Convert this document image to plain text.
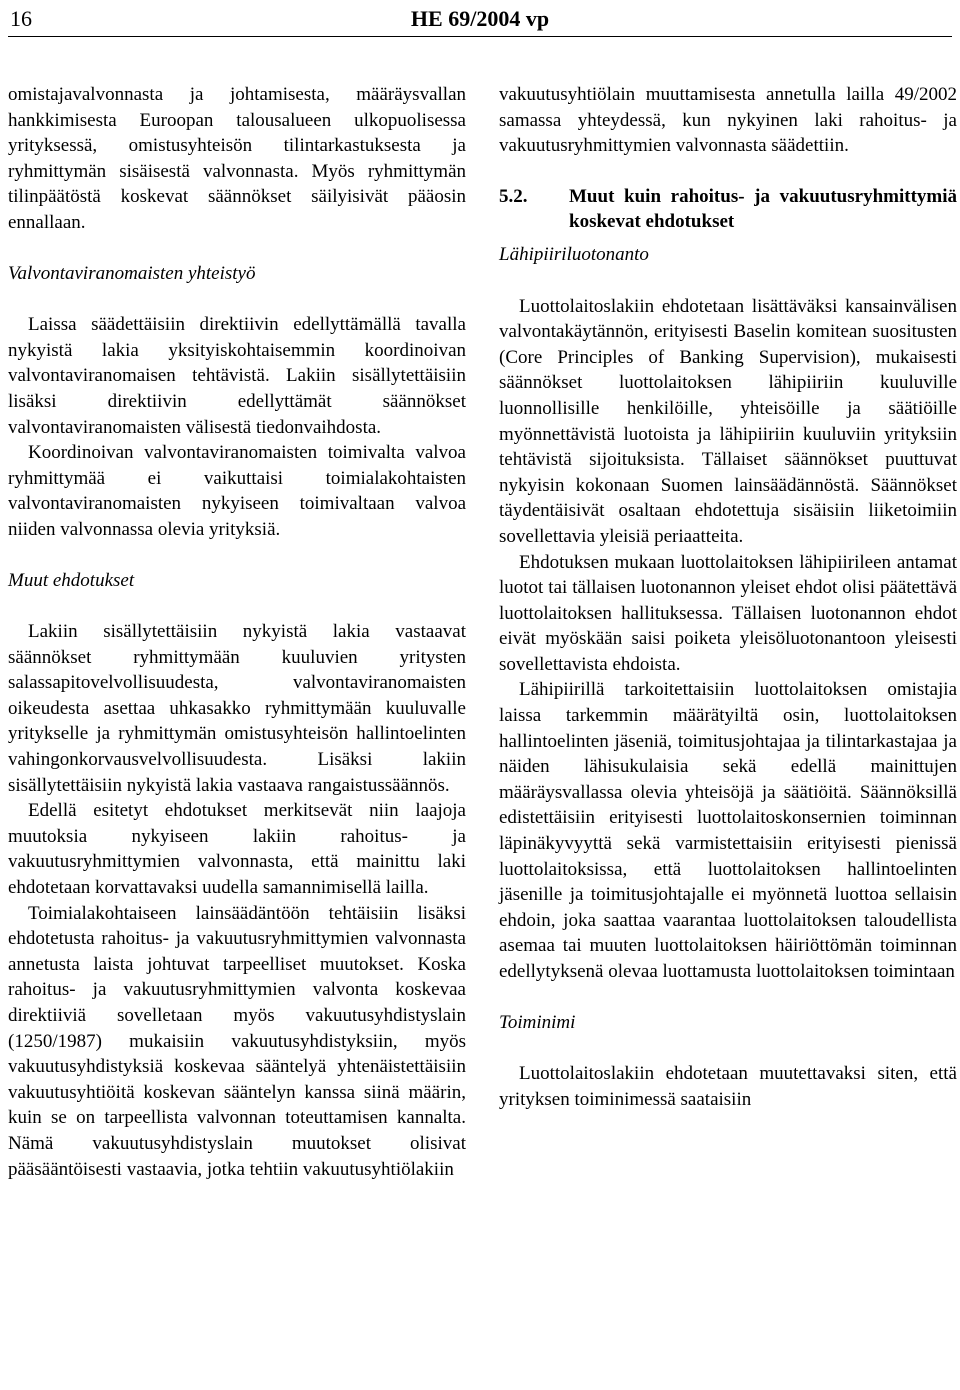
16	HE 69/2004 vp

omistajavalvonnasta ja johtamisesta, määräysvallan hankkimisesta Euroopan talousalueen ulkopuolisessa yrityksessä, omistusyhteisön tilintarkastuksesta ja ryhmittymän sisäisestä valvonnasta. Myös ryhmittymän tilinpäätöstä koskevat säännökset säilyisivät pääosin ennallaan.

Valvontaviranomaisten yhteistyö

Laissa säädettäisiin direktiivin edellyttämällä tavalla nykyistä lakia yksityiskohtaisemmin koordinoivan valvontaviranomaisen tehtävistä. Lakiin sisällytettäisiin lisäksi direktiivin edellyttämät säännökset valvontaviranomaisten välisestä tiedonvaihdosta.

Koordinoivan valvontaviranomaisten toimivalta valvoa ryhmittymää ei vaikuttaisi toimialakohtaisten valvontaviranomaisten nykyiseen toimivaltaan valvoa niiden valvonnassa olevia yrityksiä.

Muut ehdotukset

Lakiin sisällytettäisiin nykyistä lakia vastaavat säännökset ryhmittymään kuuluvien yritysten salassapitovelvollisuudesta, valvontaviranomaisten oikeudesta asettaa uhkasakko ryhmittymään kuuluvalle yritykselle ja ryhmittymän omistusyhteisön hallintoelinten vahingonkorvausvelvollisuudesta. Lisäksi lakiin sisällytettäisiin nykyistä lakia vastaava rangaistussäännös.

Edellä esitetyt ehdotukset merkitsevät niin laajoja muutoksia nykyiseen lakiin rahoitus- ja vakuutusryhmittymien valvonnasta, että mainittu laki ehdotetaan korvattavaksi uudella samannimisellä lailla.

Toimialakohtaiseen lainsäädäntöön tehtäisiin lisäksi ehdotetusta rahoitus- ja vakuutusryhmittymien valvonnasta annetusta laista johtuvat tarpeelliset muutokset. Koska rahoitus- ja vakuutusryhmittymien valvonta koskevaa direktiiviä sovelletaan myös vakuutusyhdistyslain (1250/1987) mukaisiin vakuutusyhdistyksiin, myös vakuutusyhdistyksiä koskevaa sääntelyä yhtenäistettäisiin vakuutusyhtiöitä koskevan sääntelyn kanssa siinä määrin, kuin se on tarpeellista valvonnan toteuttamisen kannalta. Nämä vakuutusyhdistyslain muutokset olisivat pääsääntöisesti vastaavia, jotka tehtiin vakuutusyhtiölakiin

vakuutusyhtiölain muuttamisesta annetulla lailla 49/2002 samassa yhteydessä, kun nykyinen laki rahoitus- ja vakuutusryhmittymien valvonnasta säädettiin.

5.2.	Muut kuin rahoitus- ja vakuutusryhmittymiä koskevat ehdotukset
Lähipiiriluotonanto

Luottolaitoslakiin ehdotetaan lisättäväksi kansainvälisen valvontakäytännön, erityisesti Baselin komitean suositusten (Core Principles of Banking Supervision), mukaisesti säännökset luottolaitoksen lähipiiriin kuuluville luonnollisille henkilöille, yhteisöille ja säätiöille myönnettävistä luotoista ja lähipiiriin kuuluviin yrityksiin tehtävistä sijoituksista. Tällaiset säännökset puuttuvat nykyisin kokonaan Suomen lainsäädännöstä. Säännökset täydentäisivät osaltaan ehdotettuja sisäisiin liiketoimiin sovellettavia yleisiä periaatteita.

Ehdotuksen mukaan luottolaitoksen lähipiirileen antamat luotot tai tällaisen luotonannon yleiset ehdot olisi päätettävä luottolaitoksen hallituksessa. Tällaisen luotonannon ehdot eivät myöskään saisi poiketa yleisöluotonantoon yleisesti sovellettavista ehdoista.

Lähipiirillä tarkoitettaisiin luottolaitoksen omistajia laissa tarkemmin määrätyiltä osin, luottolaitoksen hallintoelinten jäseniä, toimitusjohtajaa ja tilintarkastajaa ja näiden lähisukulaisia sekä edellä mainittujen määräysvallassa olevia yhteisöjä ja säätiöitä. Säännöksillä edistettäisiin erityisesti luottolaitoskonsernien toiminnan läpinäkyvyyttä sekä varmistettaisiin erityisesti pienissä luottolaitoksissa, että luottolaitoksen hallintoelinten jäsenille ja toimitusjohtajalle ei myönnetä luottoa sellaisin ehdoin, joka saattaa vaarantaa luottolaitoksen taloudellista asemaa tai muuten luottolaitoksen häiriöttömän toiminnan edellytyksenä olevaa luottamusta luottolaitoksen toimintaan

Toiminimi

Luottolaitoslakiin ehdotetaan muutettavaksi siten, että yrityksen toiminimessä saataisiin
